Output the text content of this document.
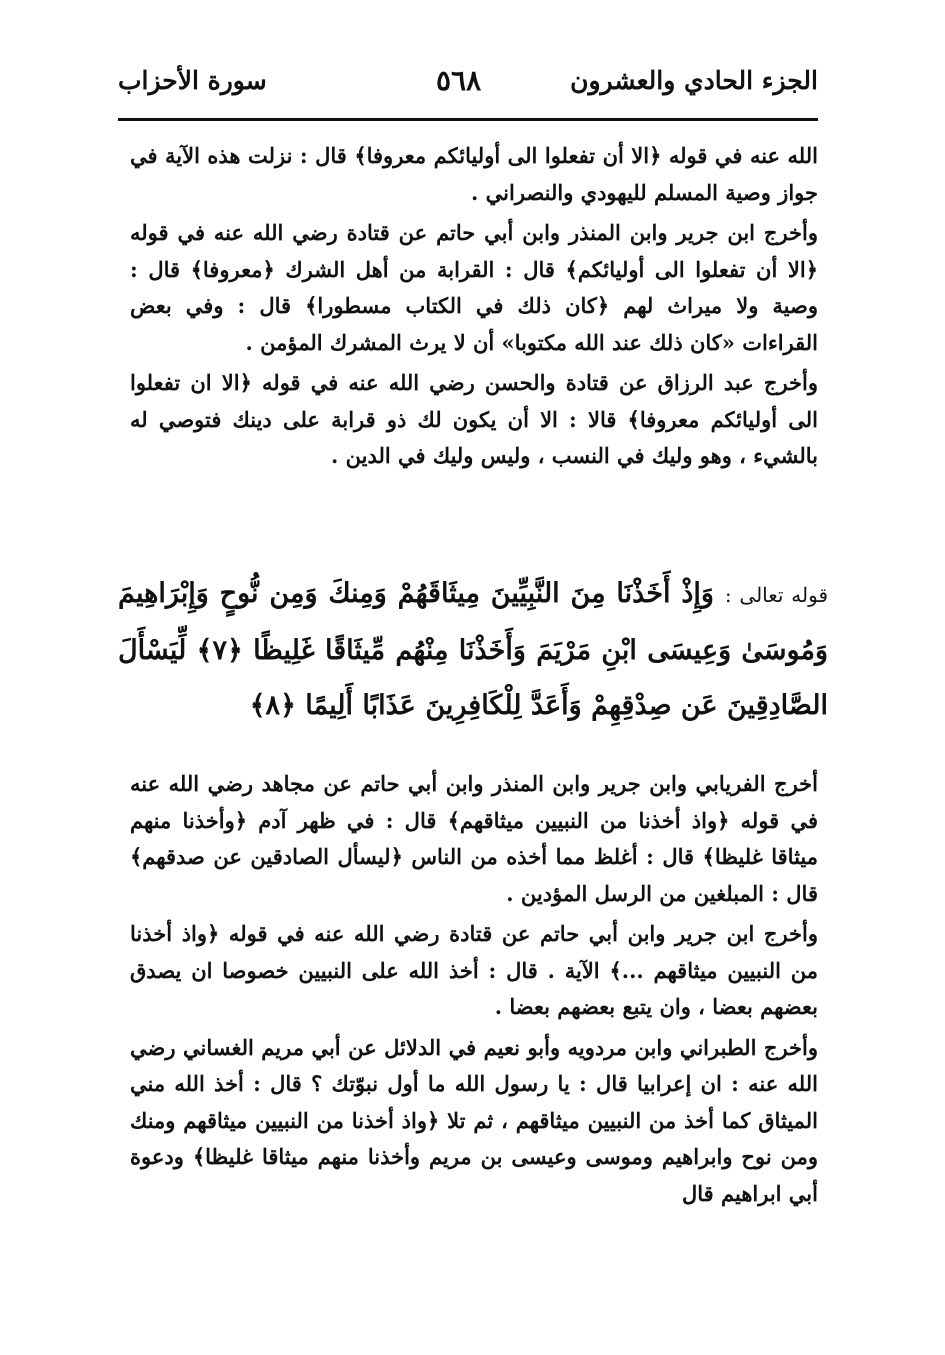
الجزء الحادي والعشرون
٥٦٨
سورة الأحزاب

الله عنه في قوله ﴿الا أن تفعلوا الى أوليائكم معروفا﴾ قال : نزلت هذه الآية في جواز وصية المسلم لليهودي والنصراني .

وأخرج ابن جرير وابن المنذر وابن أبي حاتم عن قتادة رضي الله عنه في قوله ﴿الا أن تفعلوا الى أوليائكم﴾ قال : القرابة من أهل الشرك ﴿معروفا﴾ قال : وصية ولا ميراث لهم ﴿كان ذلك في الكتاب مسطورا﴾ قال : وفي بعض القراءات «كان ذلك عند الله مكتوبا» أن لا يرث المشرك المؤمن .

وأخرج عبد الرزاق عن قتادة والحسن رضي الله عنه في قوله ﴿الا ان تفعلوا الى أوليائكم معروفا﴾ قالا : الا أن يكون لك ذو قرابة على دينك فتوصي له بالشيء ، وهو وليك في النسب ، وليس وليك في الدين .

قوله تعالى : وَإِذْ أَخَذْنَا مِنَ النَّبِيِّينَ مِيثَاقَهُمْ وَمِنكَ وَمِن نُّوحٍ وَإِبْرَاهِيمَ وَمُوسَىٰ وَعِيسَى ابْنِ مَرْيَمَ وَأَخَذْنَا مِنْهُم مِّيثَاقًا غَلِيظًا ﴿٧﴾ لِّيَسْأَلَ الصَّادِقِينَ عَن صِدْقِهِمْ وَأَعَدَّ لِلْكَافِرِينَ عَذَابًا أَلِيمًا ﴿٨﴾

أخرج الفريابي وابن جرير وابن المنذر وابن أبي حاتم عن مجاهد رضي الله عنه في قوله ﴿واذ أخذنا من النبيين ميثاقهم﴾ قال : في ظهر آدم ﴿وأخذنا منهم ميثاقا غليظا﴾ قال : أغلظ مما أخذه من الناس ﴿ليسأل الصادقين عن صدقهم﴾ قال : المبلغين من الرسل المؤدين .

وأخرج ابن جرير وابن أبي حاتم عن قتادة رضي الله عنه في قوله ﴿واذ أخذنا من النبيين ميثاقهم ...﴾ الآية . قال : أخذ الله على النبيين خصوصا ان يصدق بعضهم بعضا ، وان يتبع بعضهم بعضا .

وأخرج الطبراني وابن مردويه وأبو نعيم في الدلائل عن أبي مريم الغساني رضي الله عنه : ان إعرابيا قال : يا رسول الله ما أول نبوّتك ؟ قال : أخذ الله مني الميثاق كما أخذ من النبيين ميثاقهم ، ثم تلا ﴿واذ أخذنا من النبيين ميثاقهم ومنك ومن نوح وابراهيم وموسى وعيسى بن مريم وأخذنا منهم ميثاقا غليظا﴾ ودعوة أبي ابراهيم قال
